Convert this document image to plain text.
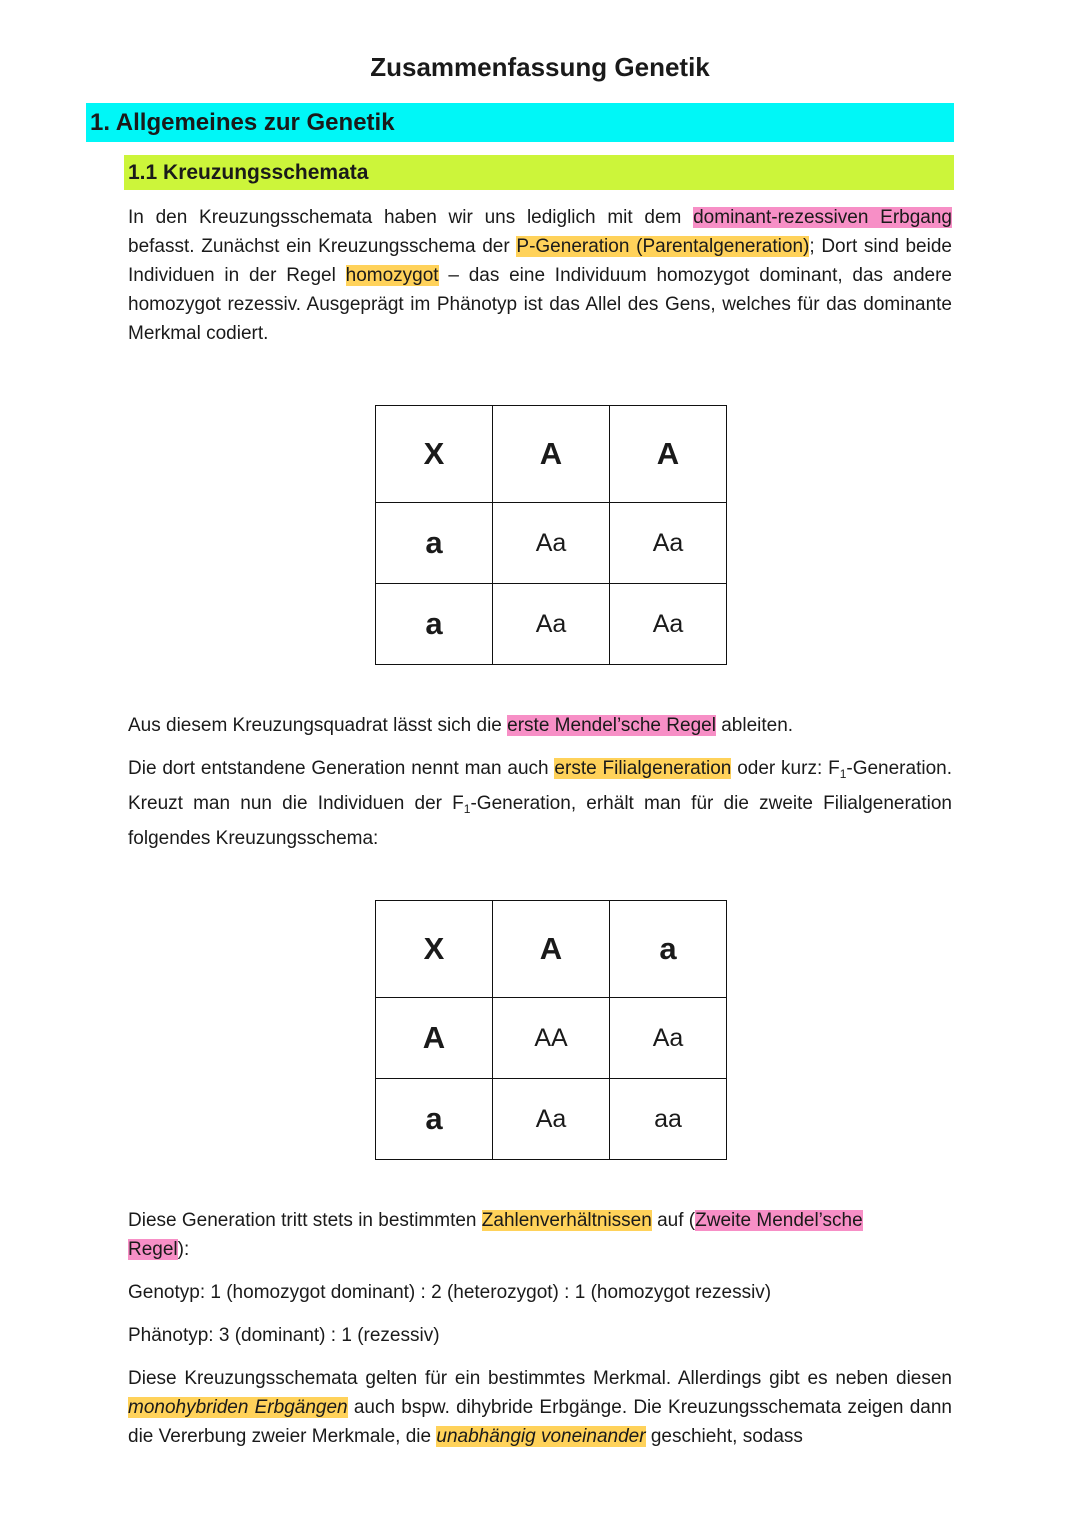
Zusammenfassung Genetik
1. Allgemeines zur Genetik
1.1 Kreuzungsschemata

In den Kreuzungsschemata haben wir uns lediglich mit dem dominant-rezessiven Erbgang befasst. Zunächst ein Kreuzungsschema der P-Generation (Parentalgeneration); Dort sind beide Individuen in der Regel homozygot – das eine Individuum homozygot dominant, das andere homozygot rezessiv. Ausgeprägt im Phänotyp ist das Allel des Gens, welches für das dominante Merkmal codiert.

X	A	A
a	Aa	Aa
a	Aa	Aa

Aus diesem Kreuzungsquadrat lässt sich die erste Mendel’sche Regel ableiten.

Die dort entstandene Generation nennt man auch erste Filialgeneration oder kurz: $F_1$-Generation. Kreuzt man nun die Individuen der $F_1$-Generation, erhält man für die zweite Filialgeneration folgendes Kreuzungsschema:

X	A	a
A	AA	Aa
a	Aa	aa

Diese Generation tritt stets in bestimmten Zahlenverhältnissen auf (Zweite Mendel’sche Regel):

Genotyp: 1 (homozygot dominant) : 2 (heterozygot) : 1 (homozygot rezessiv)

Phänotyp: 3 (dominant) : 1 (rezessiv)

Diese Kreuzungsschemata gelten für ein bestimmtes Merkmal. Allerdings gibt es neben diesen monohybriden Erbgängen auch bspw. dihybride Erbgänge. Die Kreuzungsschemata zeigen dann die Vererbung zweier Merkmale, die unabhängig voneinander geschieht, sodass
